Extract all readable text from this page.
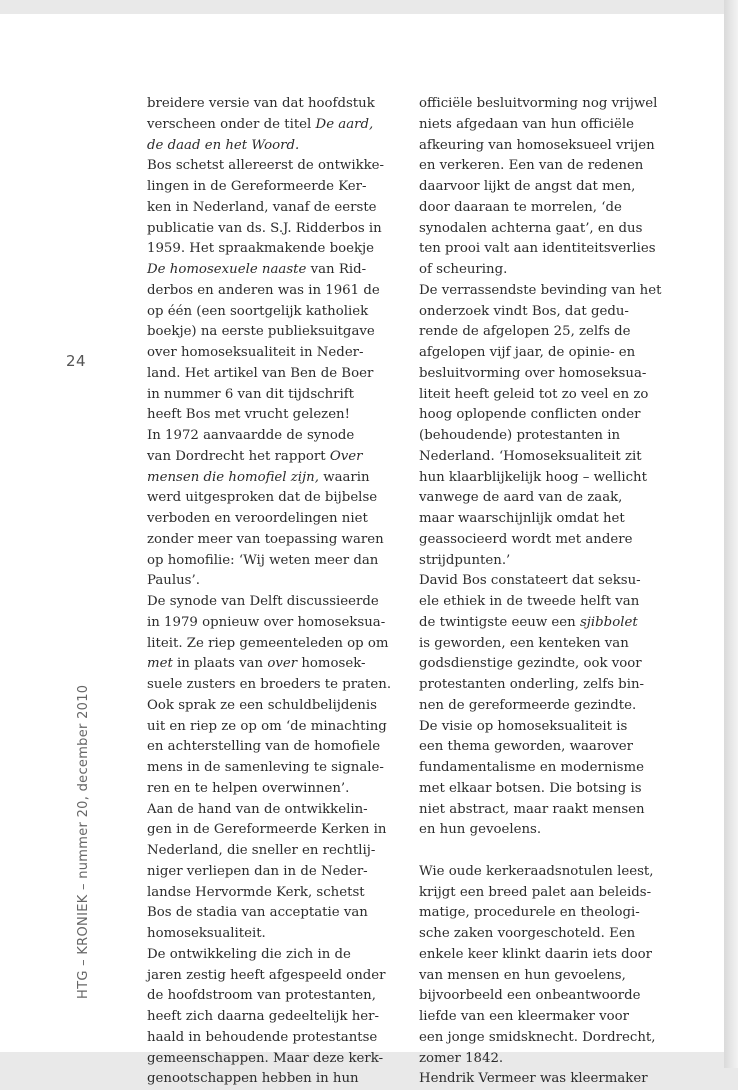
24
HTG – KRONIEK – nummer 20, december 2010
breidere versie van dat hoofdstuk
verscheen onder de titel De aard,
de daad en het Woord.
Bos schetst allereerst de ontwikke-
lingen in de Gereformeerde Ker-
ken in Nederland, vanaf de eerste
publicatie van ds. S.J. Ridderbos in
1959. Het spraakmakende boekje
De homosexuele naaste van Rid-
derbos en anderen was in 1961 de
op één (een soortgelijk katholiek
boekje) na eerste publieksuitgave
over homoseksualiteit in Neder-
land. Het artikel van Ben de Boer
in nummer 6 van dit tijdschrift
heeft Bos met vrucht gelezen!
In 1972 aanvaardde de synode
van Dordrecht het rapport Over
mensen die homofiel zijn, waarin
werd uitgesproken dat de bijbelse
verboden en veroordelingen niet
zonder meer van toepassing waren
op homofilie: ‘Wij weten meer dan
Paulus’.
De synode van Delft discussieerde
in 1979 opnieuw over homoseksua-
liteit. Ze riep gemeenteleden op om
met in plaats van over homosek-
suele zusters en broeders te praten.
Ook sprak ze een schuldbelijdenis
uit en riep ze op om ‘de minachting
en achterstelling van de homofiele
mens in de samenleving te signale-
ren en te helpen overwinnen’.
Aan de hand van de ontwikkelin-
gen in de Gereformeerde Kerken in
Nederland, die sneller en rechtlij-
niger verliepen dan in de Neder-
landse Hervormde Kerk, schetst
Bos de stadia van acceptatie van
homoseksualiteit.
De ontwikkeling die zich in de
jaren zestig heeft afgespeeld onder
de hoofdstroom van protestanten,
heeft zich daarna gedeeltelijk her-
haald in behoudende protestantse
gemeenschappen. Maar deze kerk-
genootschappen hebben in hun
officiële besluitvorming nog vrijwel
niets afgedaan van hun officiële
afkeuring van homoseksueel vrijen
en verkeren. Een van de redenen
daarvoor lijkt de angst dat men,
door daaraan te morrelen, ‘de
synodalen achterna gaat’, en dus
ten prooi valt aan identiteitsverlies
of scheuring.
De verrassendste bevinding van het
onderzoek vindt Bos, dat gedu-
rende de afgelopen 25, zelfs de
afgelopen vijf jaar, de opinie- en
besluitvorming over homoseksua-
liteit heeft geleid tot zo veel en zo
hoog oplopende conflicten onder
(behoudende) protestanten in
Nederland. ‘Homoseksualiteit zit
hun klaarblijkelijk hoog – wellicht
vanwege de aard van de zaak,
maar waarschijnlijk omdat het
geassocieerd wordt met andere
strijdpunten.’
David Bos constateert dat seksu-
ele ethiek in de tweede helft van
de twintigste eeuw een sjibbolet
is geworden, een kenteken van
godsdienstige gezindte, ook voor
protestanten onderling, zelfs bin-
nen de gereformeerde gezindte.
De visie op homoseksualiteit is
een thema geworden, waarover
fundamentalisme en modernisme
met elkaar botsen. Die botsing is
niet abstract, maar raakt mensen
en hun gevoelens.
Wie oude kerkeraadsnotulen leest,
krijgt een breed palet aan beleids-
matige, procedurele en theologi-
sche zaken voorgeschoteld. Een
enkele keer klinkt daarin iets door
van mensen en hun gevoelens,
bijvoorbeeld een onbeantwoorde
liefde van een kleermaker voor
een jonge smidsknecht. Dordrecht,
zomer 1842.
Hendrik Vermeer was kleermaker
